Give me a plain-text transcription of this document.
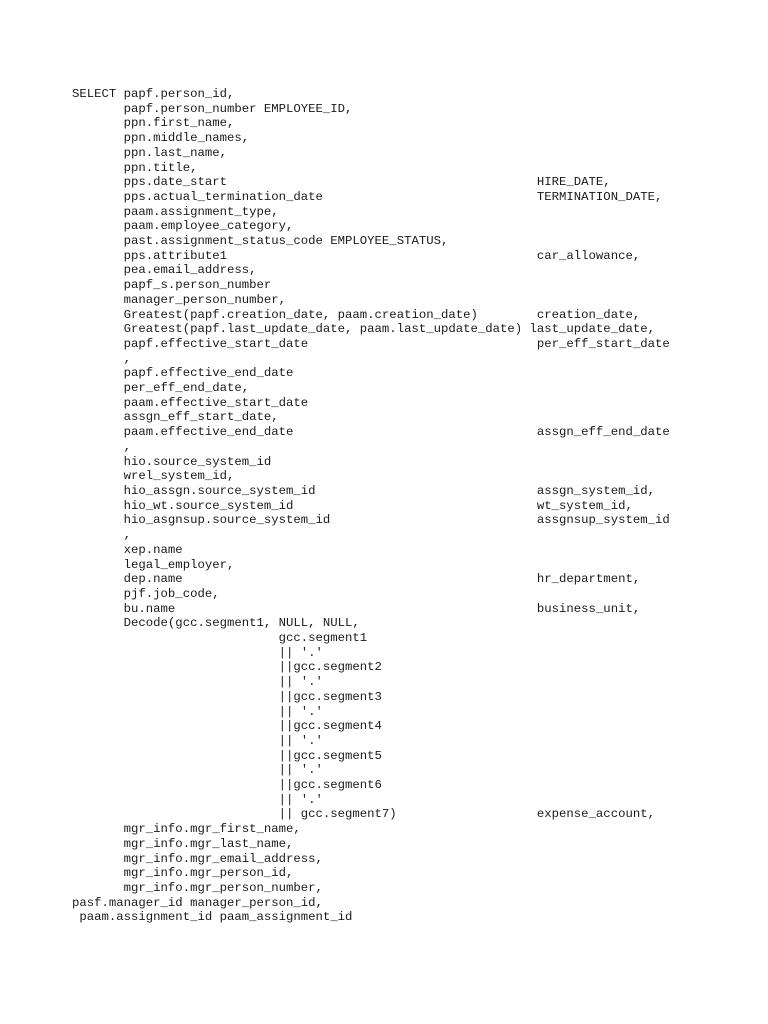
SELECT papf.person_id,
papf.person_number EMPLOYEE_ID,
ppn.first_name,
ppn.middle_names,
ppn.last_name,
ppn.title,
pps.date_start                                          HIRE_DATE,
pps.actual_termination_date                             TERMINATION_DATE,
paam.assignment_type,
paam.employee_category,
past.assignment_status_code EMPLOYEE_STATUS,
pps.attribute1                                          car_allowance,
pea.email_address,
papf_s.person_number
manager_person_number,
Greatest(papf.creation_date, paam.creation_date)        creation_date,
Greatest(papf.last_update_date, paam.last_update_date) last_update_date,
papf.effective_start_date                               per_eff_start_date
,
papf.effective_end_date
per_eff_end_date,
paam.effective_start_date
assgn_eff_start_date,
paam.effective_end_date                                 assgn_eff_end_date
,
hio.source_system_id
wrel_system_id,
hio_assgn.source_system_id                              assgn_system_id,
hio_wt.source_system_id                                 wt_system_id,
hio_asgnsup.source_system_id                            assgnsup_system_id
,
xep.name
legal_employer,
dep.name                                                hr_department,
pjf.job_code,
bu.name                                                 business_unit,
Decode(gcc.segment1, NULL, NULL,
gcc.segment1
|| '.'
||gcc.segment2
|| '.'
||gcc.segment3
|| '.'
||gcc.segment4
|| '.'
||gcc.segment5
|| '.'
||gcc.segment6
|| '.'
|| gcc.segment7)                   expense_account,
mgr_info.mgr_first_name,
mgr_info.mgr_last_name,
mgr_info.mgr_email_address,
mgr_info.mgr_person_id,
mgr_info.mgr_person_number,
pasf.manager_id manager_person_id,
paam.assignment_id paam_assignment_id
